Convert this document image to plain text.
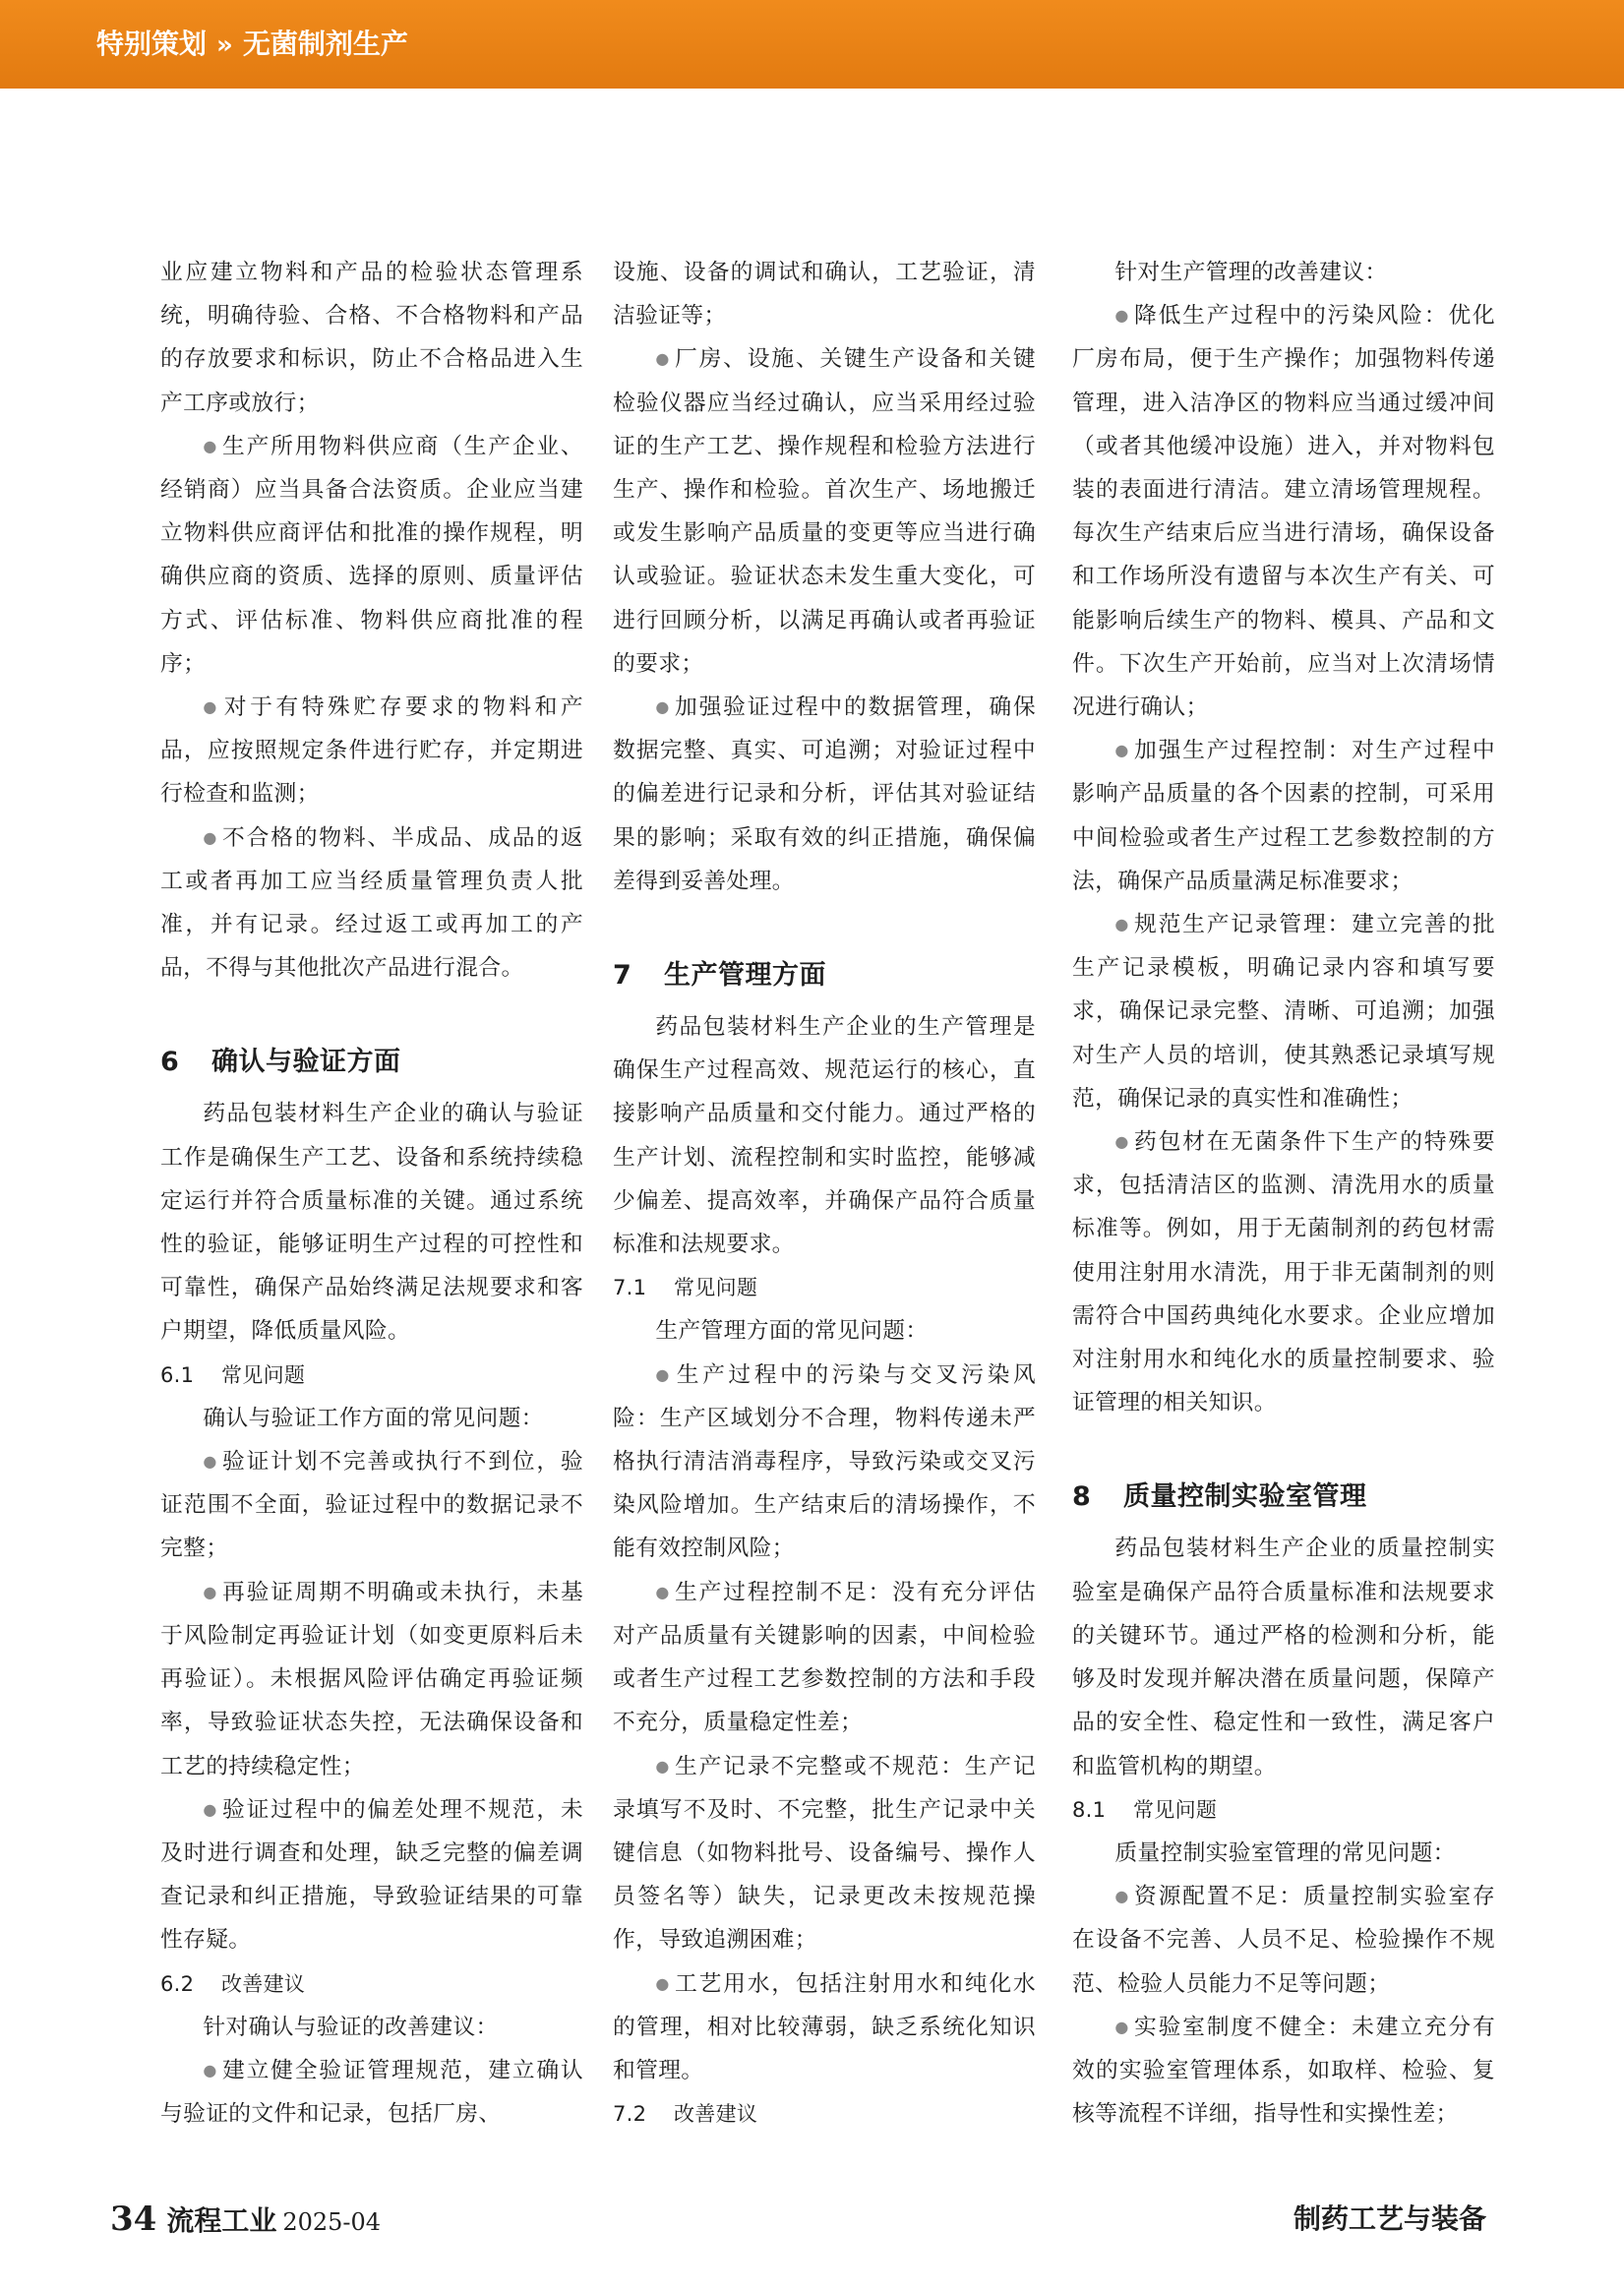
特别策划 » 无菌制剂生产

业应建立物料和产品的检验状态管理系统，明确待验、合格、不合格物料和产品的存放要求和标识，防止不合格品进入生产工序或放行；

● 生产所用物料供应商（生产企业、经销商）应当具备合法资质。企业应当建立物料供应商评估和批准的操作规程，明确供应商的资质、选择的原则、质量评估方式、评估标准、物料供应商批准的程序；

● 对于有特殊贮存要求的物料和产品，应按照规定条件进行贮存，并定期进行检查和监测；

● 不合格的物料、半成品、成品的返工或者再加工应当经质量管理负责人批准，并有记录。经过返工或再加工的产品，不得与其他批次产品进行混合。

6 确认与验证方面

药品包装材料生产企业的确认与验证工作是确保生产工艺、设备和系统持续稳定运行并符合质量标准的关键。通过系统性的验证，能够证明生产过程的可控性和可靠性，确保产品始终满足法规要求和客户期望，降低质量风险。

6.1 常见问题

确认与验证工作方面的常见问题：

● 验证计划不完善或执行不到位，验证范围不全面，验证过程中的数据记录不完整；

● 再验证周期不明确或未执行，未基于风险制定再验证计划（如变更原料后未再验证）。未根据风险评估确定再验证频率，导致验证状态失控，无法确保设备和工艺的持续稳定性；

● 验证过程中的偏差处理不规范，未及时进行调查和处理，缺乏完整的偏差调查记录和纠正措施，导致验证结果的可靠性存疑。

6.2 改善建议

针对确认与验证的改善建议：

● 建立健全验证管理规范，建立确认与验证的文件和记录，包括厂房、

设施、设备的调试和确认，工艺验证，清洁验证等；

● 厂房、设施、关键生产设备和关键检验仪器应当经过确认，应当采用经过验证的生产工艺、操作规程和检验方法进行生产、操作和检验。首次生产、场地搬迁或发生影响产品质量的变更等应当进行确认或验证。验证状态未发生重大变化，可进行回顾分析，以满足再确认或者再验证的要求；

● 加强验证过程中的数据管理，确保数据完整、真实、可追溯；对验证过程中的偏差进行记录和分析，评估其对验证结果的影响；采取有效的纠正措施，确保偏差得到妥善处理。

7 生产管理方面

药品包装材料生产企业的生产管理是确保生产过程高效、规范运行的核心，直接影响产品质量和交付能力。通过严格的生产计划、流程控制和实时监控，能够减少偏差、提高效率，并确保产品符合质量标准和法规要求。

7.1 常见问题

生产管理方面的常见问题：

● 生产过程中的污染与交叉污染风险：生产区域划分不合理，物料传递未严格执行清洁消毒程序，导致污染或交叉污染风险增加。生产结束后的清场操作，不能有效控制风险；

● 生产过程控制不足：没有充分评估对产品质量有关键影响的因素，中间检验或者生产过程工艺参数控制的方法和手段不充分，质量稳定性差；

● 生产记录不完整或不规范：生产记录填写不及时、不完整，批生产记录中关键信息（如物料批号、设备编号、操作人员签名等）缺失，记录更改未按规范操作，导致追溯困难；

● 工艺用水，包括注射用水和纯化水的管理，相对比较薄弱，缺乏系统化知识和管理。

7.2 改善建议

针对生产管理的改善建议：

● 降低生产过程中的污染风险：优化厂房布局，便于生产操作；加强物料传递管理，进入洁净区的物料应当通过缓冲间（或者其他缓冲设施）进入，并对物料包装的表面进行清洁。建立清场管理规程。每次生产结束后应当进行清场，确保设备和工作场所没有遗留与本次生产有关、可能影响后续生产的物料、模具、产品和文件。下次生产开始前，应当对上次清场情况进行确认；

● 加强生产过程控制：对生产过程中影响产品质量的各个因素的控制，可采用中间检验或者生产过程工艺参数控制的方法，确保产品质量满足标准要求；

● 规范生产记录管理：建立完善的批生产记录模板，明确记录内容和填写要求，确保记录完整、清晰、可追溯；加强对生产人员的培训，使其熟悉记录填写规范，确保记录的真实性和准确性；

● 药包材在无菌条件下生产的特殊要求，包括清洁区的监测、清洗用水的质量标准等。例如，用于无菌制剂的药包材需使用注射用水清洗，用于非无菌制剂的则需符合中国药典纯化水要求。企业应增加对注射用水和纯化水的质量控制要求、验证管理的相关知识。

8 质量控制实验室管理

药品包装材料生产企业的质量控制实验室是确保产品符合质量标准和法规要求的关键环节。通过严格的检测和分析，能够及时发现并解决潜在质量问题，保障产品的安全性、稳定性和一致性，满足客户和监管机构的期望。

8.1 常见问题

质量控制实验室管理的常见问题：

● 资源配置不足：质量控制实验室存在设备不完善、人员不足、检验操作不规范、检验人员能力不足等问题；

● 实验室制度不健全：未建立充分有效的实验室管理体系，如取样、检验、复核等流程不详细，指导性和实操性差；

34 流程工业 2025-04	制药工艺与装备
